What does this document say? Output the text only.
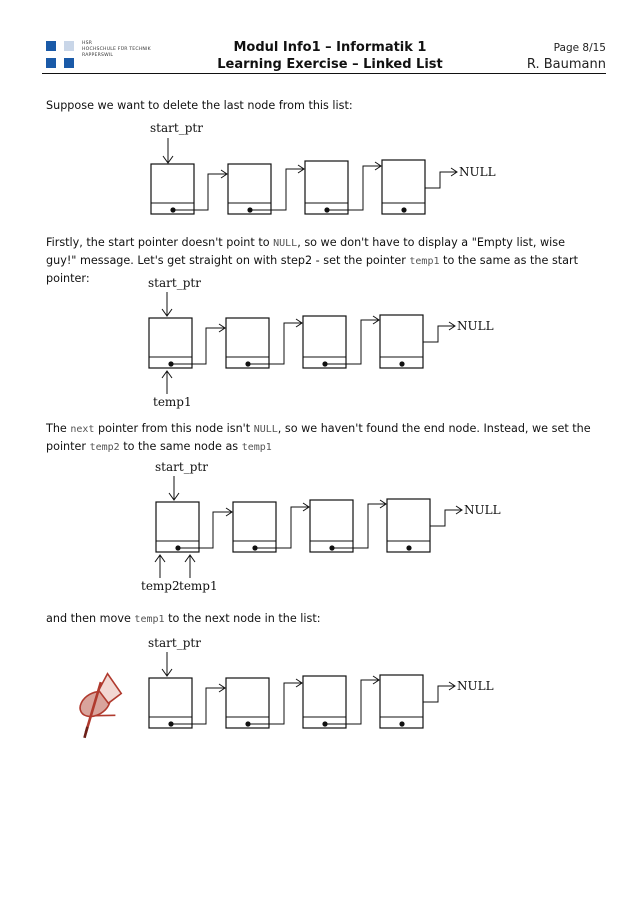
HSR
HOCHSCHULE FÜR TECHNIK
RAPPERSWIL
Modul Info1 – Informatik 1
Learning Exercise – Linked List
Page 8/15
R. Baumann
Suppose we want to delete the last node from this list:
start_ptr
NULL
Firstly, the start pointer doesn't point to NULL, so we don't have to display a "Empty list, wise guy!" message. Let's get straight on with step2 - set the pointer temp1 to the same as the start pointer:	start_ptr
NULL
temp1
The next pointer from this node isn't NULL, so we haven't found the end node. Instead, we set the pointer temp2 to the same node as temp1
start_ptr
NULL
temp2 temp1
and then move temp1 to the next node in the list:
start_ptr
NULL
